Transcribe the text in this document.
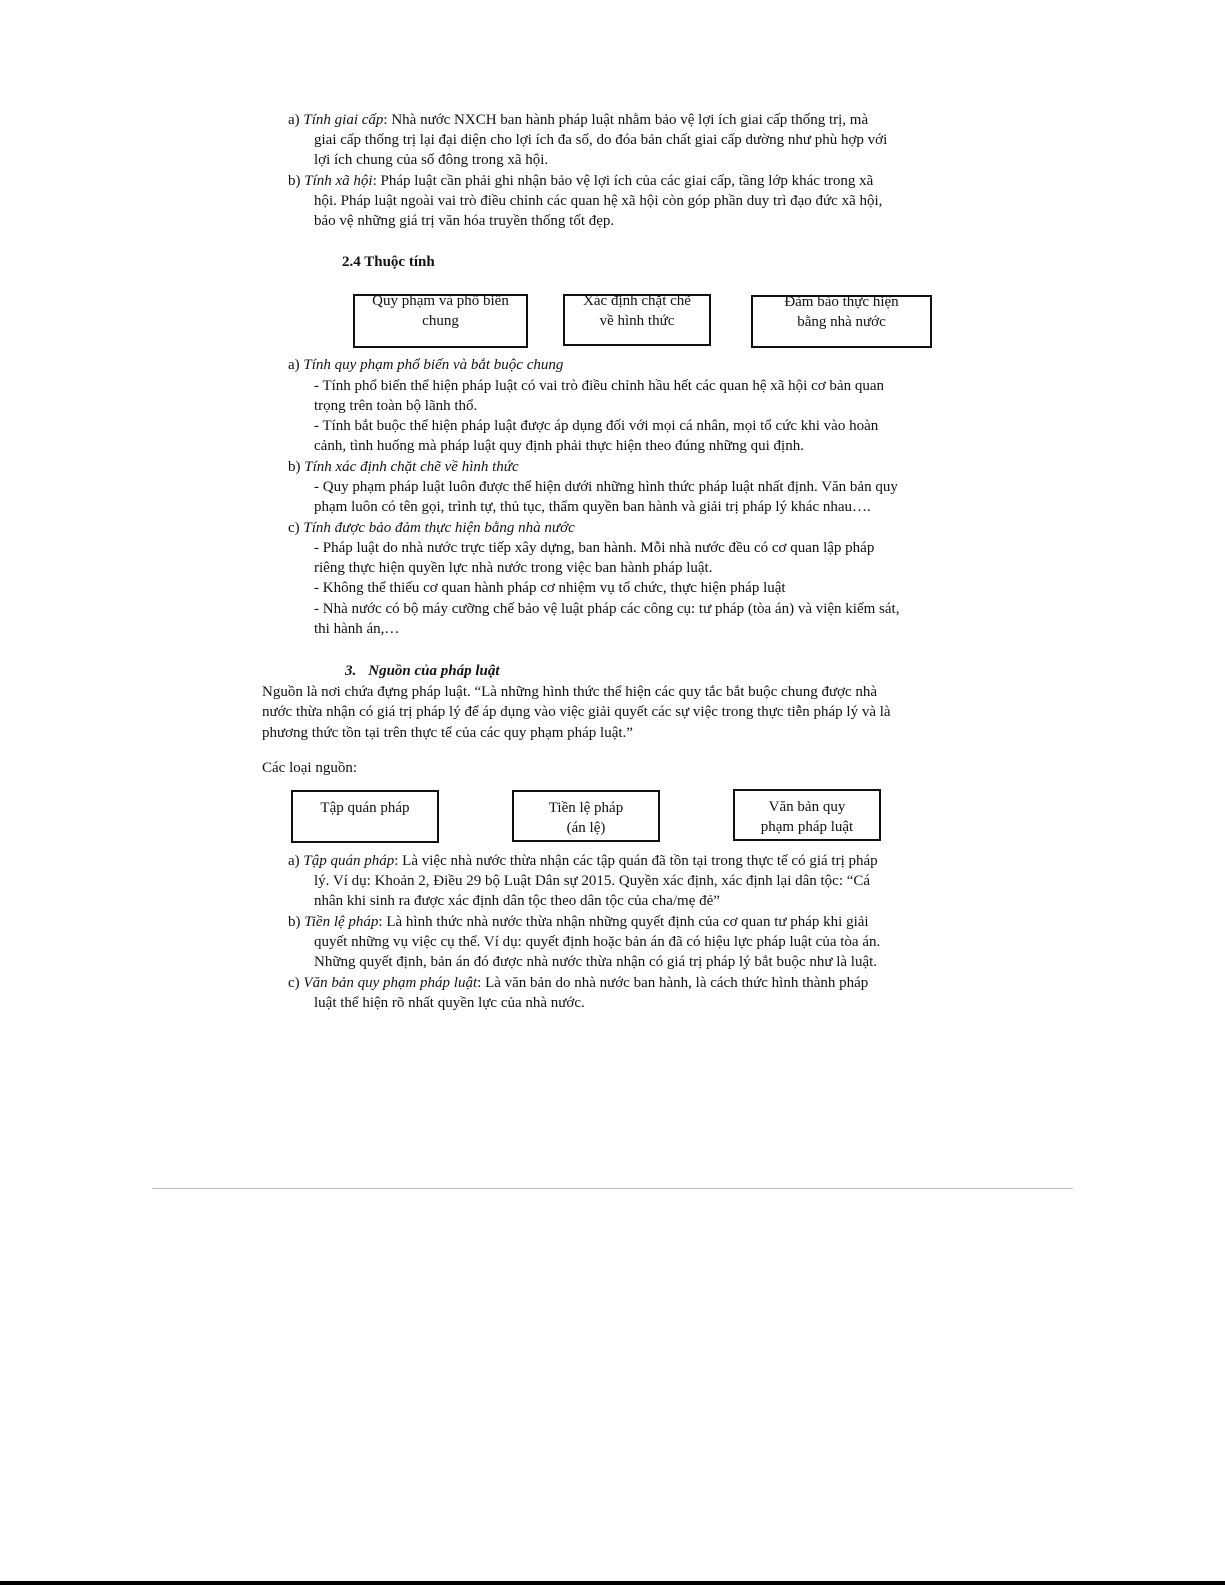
a) Tính giai cấp: Nhà nước NXCH ban hành pháp luật nhằm bảo vệ lợi ích giai cấp thống trị, mà
giai cấp thống trị lại đại diện cho lợi ích đa số, do đóa bản chất giai cấp dường như phù hợp với
lợi ích chung của số đông trong xã hội.
b) Tính xã hội: Pháp luật cần phải ghi nhận bảo vệ lợi ích của các giai cấp, tầng lớp khác trong xã
hội. Pháp luật ngoài vai trò điều chỉnh các quan hệ xã hội còn góp phần duy trì đạo đức xã hội,
bảo vệ những giá trị văn hóa truyền thống tốt đẹp.
2.4 Thuộc tính
Quy phạm và phổ biến
chung
Xác định chặt chẽ
về hình thức
Đảm bảo thực hiện
bằng nhà nước
a) Tính quy phạm phổ biến và bắt buộc chung
- Tính phổ biến thể hiện pháp luật có vai trò điều chỉnh hầu hết các quan hệ xã hội cơ bản quan
trọng trên toàn bộ lãnh thổ.
- Tính bắt buộc thể hiện pháp luật được áp dụng đối với mọi cá nhân, mọi tổ cức khi vào hoàn
cảnh, tình huống mà pháp luật quy định phải thực hiện theo đúng những qui định.
b) Tính xác định chặt chẽ về hình thức
- Quy phạm pháp luật luôn được thể hiện dưới những hình thức pháp luật nhất định. Văn bản quy
phạm luôn có tên gọi, trình tự, thủ tục, thẩm quyền ban hành và giải trị pháp lý khác nhau….
c) Tính được bảo đảm thực hiện bằng nhà nước
- Pháp luật do nhà nước trực tiếp xây dựng, ban hành. Mỗi nhà nước đều có cơ quan lập pháp
riêng thực hiện quyền lực nhà nước trong việc ban hành pháp luật.
- Không thể thiếu cơ quan hành pháp cơ nhiệm vụ tổ chức, thực hiện pháp luật
- Nhà nước có bộ máy cưỡng chế bảo vệ luật pháp các công cụ: tư pháp (tòa án) và viện kiểm sát,
thi hành án,…
3. Nguồn của pháp luật
Nguồn là nơi chứa đựng pháp luật. “Là những hình thức thể hiện các quy tắc bắt buộc chung được nhà
nước thừa nhận có giá trị pháp lý để áp dụng vào việc giải quyết các sự việc trong thực tiễn pháp lý và là
phương thức tồn tại trên thực tế của các quy phạm pháp luật.”
Các loại nguồn:
Tập quán pháp	Tiền lệ pháp
(án lệ)
Văn bản quy
phạm pháp luật
a) Tập quán pháp: Là việc nhà nước thừa nhận các tập quán đã tồn tại trong thực tế có giá trị pháp
lý. Ví dụ: Khoản 2, Điều 29 bộ Luật Dân sự 2015. Quyền xác định, xác định lại dân tộc: “Cá
nhân khi sinh ra được xác định dân tộc theo dân tộc của cha/mẹ đẻ”
b) Tiền lệ pháp: Là hình thức nhà nước thừa nhận những quyết định của cơ quan tư pháp khi giải
quyết những vụ việc cụ thể. Ví dụ: quyết định hoặc bản án đã có hiệu lực pháp luật của tòa án.
Những quyết định, bản án đó được nhà nước thừa nhận có giá trị pháp lý bắt buộc như là luật.
c) Văn bản quy phạm pháp luật: Là văn bản do nhà nước ban hành, là cách thức hình thành pháp
luật thể hiện rõ nhất quyền lực của nhà nước.
